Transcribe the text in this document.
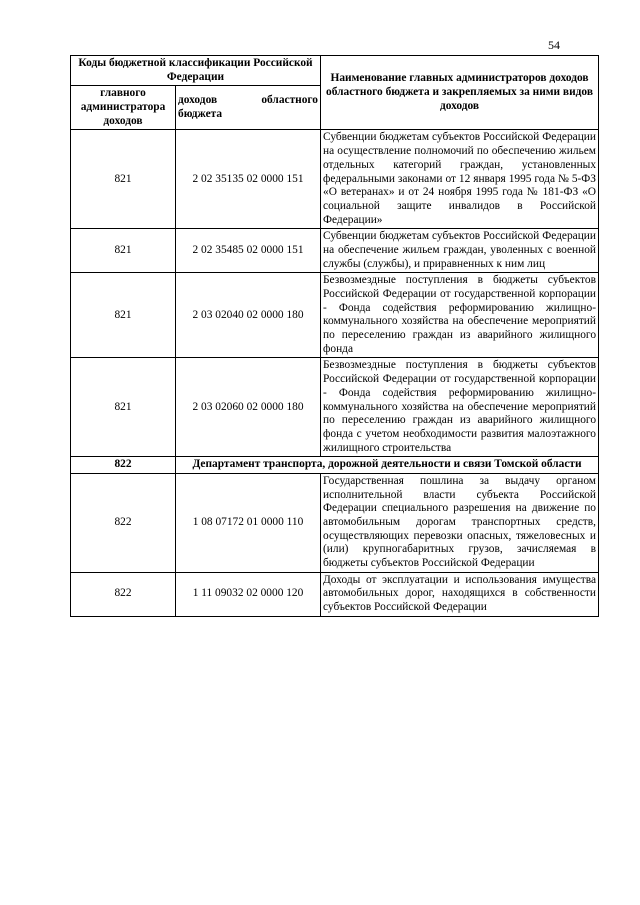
54
Коды бюджетной классификации Российской Федерации		Наименование главных администраторов доходов областного бюджета и закрепляемых за ними видов доходов
главного администратора доходов	доходов областного бюджета	
821	2 02 35135 02 0000 151	Субвенции бюджетам субъектов Российской Федерации на осуществление полномочий по обеспечению жильем отдельных категорий граждан, установленных федеральными законами от 12 января 1995 года № 5-ФЗ «О ветеранах» и от 24 ноября 1995 года № 181-ФЗ «О социальной защите инвалидов в Российской Федерации»
821	2 02 35485 02 0000 151	Субвенции бюджетам субъектов Российской Федерации на обеспечение жильем граждан, уволенных с военной службы (службы), и приравненных к ним лиц
821	2 03 02040 02 0000 180	Безвозмездные поступления в бюджеты субъектов Российской Федерации от государственной корпорации - Фонда содействия реформированию жилищно-коммунального хозяйства на обеспечение мероприятий по переселению граждан из аварийного жилищного фонда
821	2 03 02060 02 0000 180	Безвозмездные поступления в бюджеты субъектов Российской Федерации от государственной корпорации - Фонда содействия реформированию жилищно-коммунального хозяйства на обеспечение мероприятий по переселению граждан из аварийного жилищного фонда с учетом необходимости развития малоэтажного жилищного строительства
822	Департамент транспорта, дорожной деятельности и связи Томской области	
822	1 08 07172 01 0000 110	Государственная пошлина за выдачу органом исполнительной власти субъекта Российской Федерации специального разрешения на движение по автомобильным дорогам транспортных средств, осуществляющих перевозки опасных, тяжеловесных и (или) крупногабаритных грузов, зачисляемая в бюджеты субъектов Российской Федерации
822	1 11 09032 02 0000 120	Доходы от эксплуатации и использования имущества автомобильных дорог, находящихся в собственности субъектов Российской Федерации
